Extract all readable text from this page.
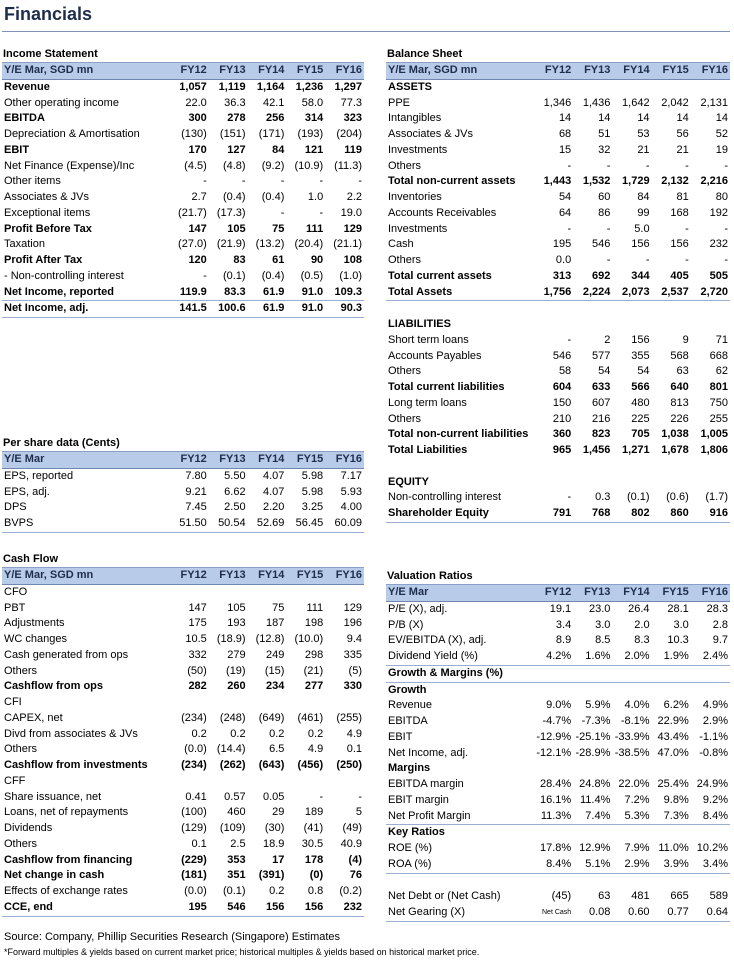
Financials
Income Statement
Y/E Mar, SGD mn	FY12	FY13	FY14	FY15	FY16
Revenue	1,057	1,119	1,164	1,236	1,297
Other operating income	22.0	36.3	42.1	58.0	77.3
EBITDA	300	278	256	314	323
Depreciation & Amortisation	(130)	(151)	(171)	(193)	(204)
EBIT	170	127	84	121	119
Net Finance (Expense)/Inc	(4.5)	(4.8)	(9.2)	(10.9)	(11.3)
Other items	-	-	-	-	-
Associates & JVs	2.7	(0.4)	(0.4)	1.0	2.2
Exceptional items	(21.7)	(17.3)	-	-	19.0
Profit Before Tax	147	105	75	111	129
Taxation	(27.0)	(21.9)	(13.2)	(20.4)	(21.1)
Profit After Tax	120	83	61	90	108
- Non-controlling interest	-	(0.1)	(0.4)	(0.5)	(1.0)
Net Income, reported	119.9	83.3	61.9	91.0	109.3
Net Income, adj.	141.5	100.6	61.9	91.0	90.3
Per share data (Cents)
Y/E Mar	FY12	FY13	FY14	FY15	FY16
EPS, reported	7.80	5.50	4.07	5.98	7.17
EPS, adj.	9.21	6.62	4.07	5.98	5.93
DPS	7.45	2.50	2.20	3.25	4.00
BVPS	51.50	50.54	52.69	56.45	60.09
Cash Flow
Y/E Mar, SGD mn	FY12	FY13	FY14	FY15	FY16
CFO					
PBT	147	105	75	111	129
Adjustments	175	193	187	198	196
WC changes	10.5	(18.9)	(12.8)	(10.0)	9.4
Cash generated from ops	332	279	249	298	335
Others	(50)	(19)	(15)	(21)	(5)
Cashflow from ops	282	260	234	277	330
CFI					
CAPEX, net	(234)	(248)	(649)	(461)	(255)
Divd from associates & JVs	0.2	0.2	0.2	0.2	4.9
Others	(0.0)	(14.4)	6.5	4.9	0.1
Cashflow from investments	(234)	(262)	(643)	(456)	(250)
CFF					
Share issuance, net	0.41	0.57	0.05	-	-
Loans, net of repayments	(100)	460	29	189	5
Dividends	(129)	(109)	(30)	(41)	(49)
Others	0.1	2.5	18.9	30.5	40.9
Cashflow from financing	(229)	353	17	178	(4)
Net change in cash	(181)	351	(391)	(0)	76
Effects of exchange rates	(0.0)	(0.1)	0.2	0.8	(0.2)
CCE, end	195	546	156	156	232
Balance Sheet
Y/E Mar, SGD mn	FY12	FY13	FY14	FY15	FY16
ASSETS					
PPE	1,346	1,436	1,642	2,042	2,131
Intangibles	14	14	14	14	14
Associates & JVs	68	51	53	56	52
Investments	15	32	21	21	19
Others	-	-	-	-	-
Total non-current assets	1,443	1,532	1,729	2,132	2,216
Inventories	54	60	84	81	80
Accounts Receivables	64	86	99	168	192
Investments	-	-	5.0	-	-
Cash	195	546	156	156	232
Others	0.0	-	-	-	-
Total current assets	313	692	344	405	505
Total Assets	1,756	2,224	2,073	2,537	2,720

LIABILITIES					
Short term loans	-	2	156	9	71
Accounts Payables	546	577	355	568	668
Others	58	54	54	63	62
Total current liabilities	604	633	566	640	801
Long term loans	150	607	480	813	750
Others	210	216	225	226	255
Total non-current liabilities	360	823	705	1,038	1,005
Total Liabilities	965	1,456	1,271	1,678	1,806

EQUITY					
Non-controlling interest	-	0.3	(0.1)	(0.6)	(1.7)
Shareholder Equity	791	768	802	860	916
Valuation Ratios
Y/E Mar	FY12	FY13	FY14	FY15	FY16
P/E (X), adj.	19.1	23.0	26.4	28.1	28.3
P/B (X)	3.4	3.0	2.0	3.0	2.8
EV/EBITDA (X), adj.	8.9	8.5	8.3	10.3	9.7
Dividend Yield (%)	4.2%	1.6%	2.0%	1.9%	2.4%
Growth & Margins (%)					
Growth					
Revenue	9.0%	5.9%	4.0%	6.2%	4.9%
EBITDA	-4.7%	-7.3%	-8.1%	22.9%	2.9%
EBIT	-12.9%	-25.1%	-33.9%	43.4%	-1.1%
Net Income, adj.	-12.1%	-28.9%	-38.5%	47.0%	-0.8%
Margins					
EBITDA margin	28.4%	24.8%	22.0%	25.4%	24.9%
EBIT margin	16.1%	11.4%	7.2%	9.8%	9.2%
Net Profit Margin	11.3%	7.4%	5.3%	7.3%	8.4%
Key Ratios					
ROE (%)	17.8%	12.9%	7.9%	11.0%	10.2%
ROA (%)	8.4%	5.1%	2.9%	3.9%	3.4%

Net Debt or (Net Cash)	(45)	63	481	665	589
Net Gearing (X)	Net Cash	0.08	0.60	0.77	0.64
Source: Company, Phillip Securities Research (Singapore) Estimates
*Forward multiples & yields based on current market price; historical multiples & yields based on historical market price.
